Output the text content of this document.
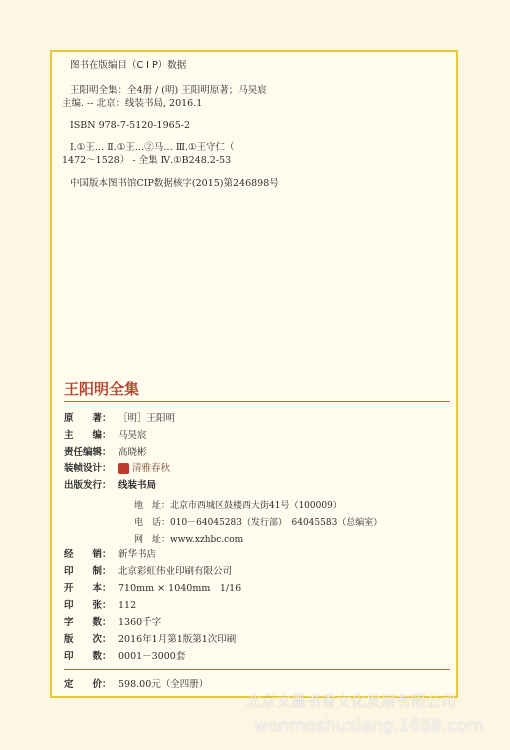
图书在版编目（C I P）数据
王阳明全集：全4册 / (明) 王阳明原著；马昊宸
主编. -- 北京：线装书局, 2016.1
ISBN 978-7-5120-1965-2
Ⅰ.①王… Ⅱ.①王…②马… Ⅲ.①王守仁（
1472～1528） - 全集 Ⅳ.①B248.2-53
中国版本图书馆CIP数据核字(2015)第246898号
王阳明全集
原　　著： ［明］王阳明
主　　编： 马昊宸
责任编辑： 高晓彬
装帧设计：	清雅春秋
出版发行： 线装书局
地　址：北京市西城区鼓楼西大街41号（100009）
电　话：010－64045283（发行部）　64045583（总编室）
网　址：www.xzhbc.com
经　　销： 新华书店
印　　制： 北京彩虹伟业印刷有限公司
开　　本： 710mm × 1040mm　1/16
印　　张： 112
字　　数： 1360千字
版　　次： 2016年1月第1版第1次印刷
印　　数： 0001－3000套
定　　价： 598.00元（全四册）
北京文墨书香文化发展有限公司
wenmoshuxiang.1688.com
